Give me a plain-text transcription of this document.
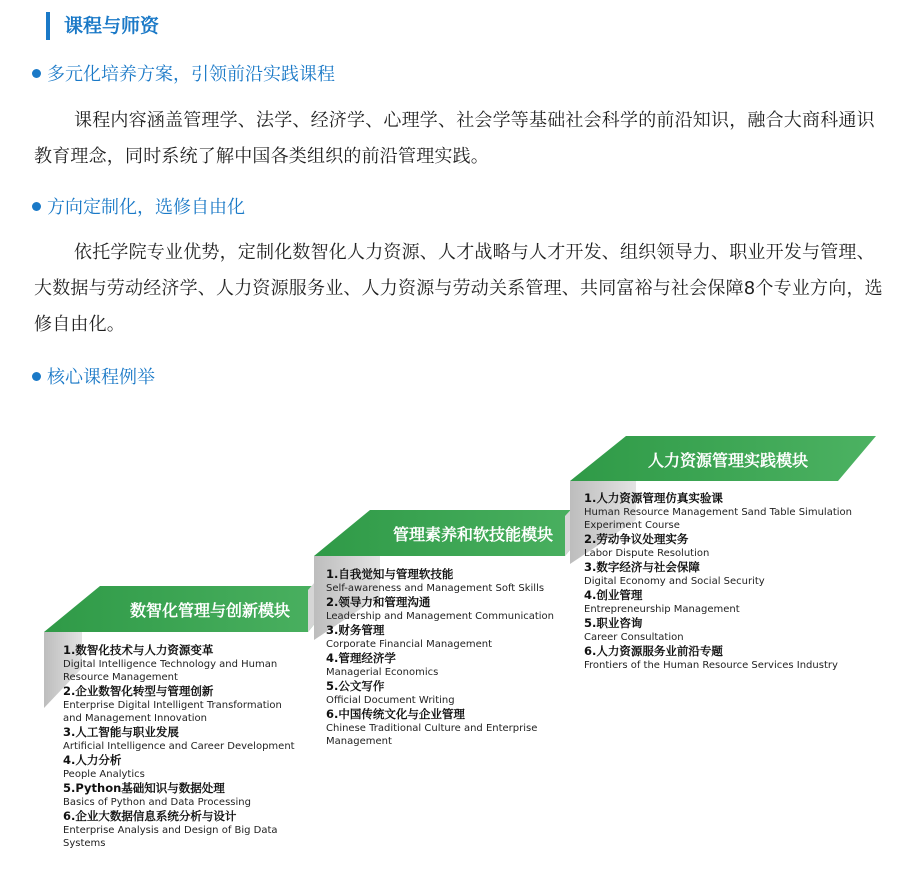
课程与师资
多元化培养方案，引领前沿实践课程
课程内容涵盖管理学、法学、经济学、心理学、社会学等基础社会科学的前沿知识，融合大商科通识教育理念，同时系统了解中国各类组织的前沿管理实践。
方向定制化，选修自由化
依托学院专业优势，定制化数智化人力资源、人才战略与人才开发、组织领导力、职业开发与管理、大数据与劳动经济学、人力资源服务业、人力资源与劳动关系管理、共同富裕与社会保障8个专业方向，选修自由化。
核心课程例举
数智化管理与创新模块
管理素养和软技能模块
人力资源管理实践模块
1.数智化技术与人力资源变革
Digital Intelligence Technology and Human Resource Management
2.企业数智化转型与管理创新
Enterprise Digital Intelligent Transformation and Management Innovation
3.人工智能与职业发展
Artificial Intelligence and Career Development
4.人力分析
People Analytics
5.Python基础知识与数据处理
Basics of Python and Data Processing
6.企业大数据信息系统分析与设计
Enterprise Analysis and Design of Big Data Systems
1.自我觉知与管理软技能
Self-awareness and Management Soft Skills
2.领导力和管理沟通
Leadership and Management Communication
3.财务管理
Corporate Financial Management
4.管理经济学
Managerial Economics
5.公文写作
Official Document Writing
6.中国传统文化与企业管理
Chinese Traditional Culture and Enterprise Management
1.人力资源管理仿真实验课
Human Resource Management Sand Table Simulation Experiment Course
2.劳动争议处理实务
Labor Dispute Resolution
3.数字经济与社会保障
Digital Economy and Social Security
4.创业管理
Entrepreneurship Management
5.职业咨询
Career Consultation
6.人力资源服务业前沿专题
Frontiers of the Human Resource Services Industry
